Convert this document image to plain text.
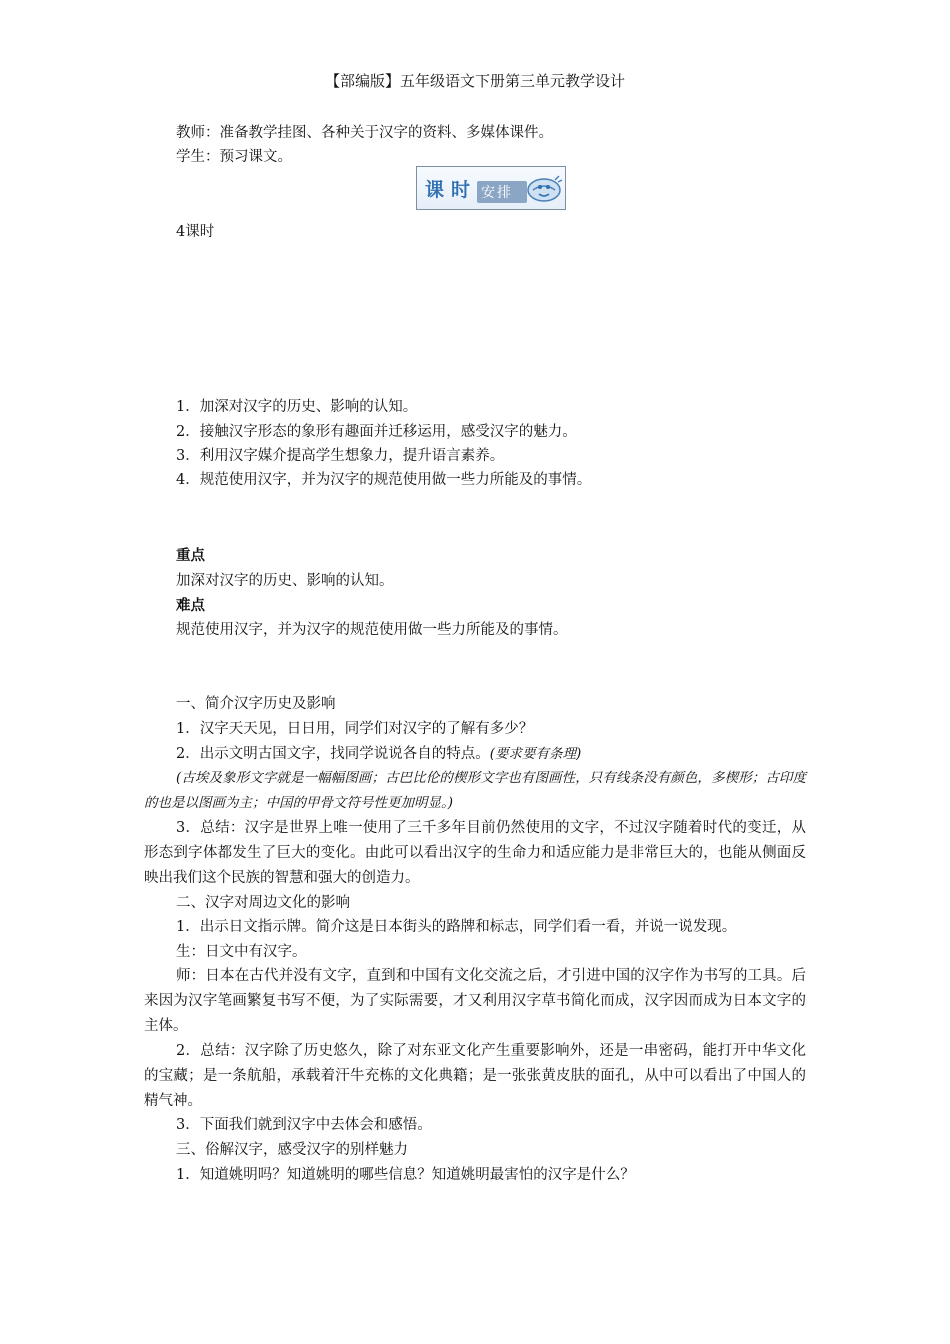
【部编版】五年级语文下册第三单元教学设计
教师：准备教学挂图、各种关于汉字的资料、多媒体课件。
学生：预习课文。
课 时 安排
4课时
1．加深对汉字的历史、影响的认知。
2．接触汉字形态的象形有趣面并迁移运用，感受汉字的魅力。
3．利用汉字媒介提高学生想象力，提升语言素养。
4．规范使用汉字，并为汉字的规范使用做一些力所能及的事情。
重点
加深对汉字的历史、影响的认知。
难点
规范使用汉字，并为汉字的规范使用做一些力所能及的事情。
一、简介汉字历史及影响
1．汉字天天见，日日用，同学们对汉字的了解有多少？
2．出示文明古国文字，找同学说说各自的特点。(要求要有条理)
(古埃及象形文字就是一幅幅图画；古巴比伦的楔形文字也有图画性，只有线条没有颜色，多楔形；古印度的也是以图画为主；中国的甲骨文符号性更加明显。)
3．总结：汉字是世界上唯一使用了三千多年目前仍然使用的文字，不过汉字随着时代的变迁，从形态到字体都发生了巨大的变化。由此可以看出汉字的生命力和适应能力是非常巨大的，也能从侧面反映出我们这个民族的智慧和强大的创造力。
二、汉字对周边文化的影响
1．出示日文指示牌。简介这是日本街头的路牌和标志，同学们看一看，并说一说发现。
生：日文中有汉字。
师：日本在古代并没有文字，直到和中国有文化交流之后，才引进中国的汉字作为书写的工具。后来因为汉字笔画繁复书写不便，为了实际需要，才又利用汉字草书简化而成，汉字因而成为日本文字的主体。
2．总结：汉字除了历史悠久，除了对东亚文化产生重要影响外，还是一串密码，能打开中华文化的宝藏；是一条航船，承载着汗牛充栋的文化典籍；是一张张黄皮肤的面孔，从中可以看出了中国人的精气神。
3．下面我们就到汉字中去体会和感悟。
三、俗解汉字，感受汉字的别样魅力
1．知道姚明吗？知道姚明的哪些信息？知道姚明最害怕的汉字是什么？
